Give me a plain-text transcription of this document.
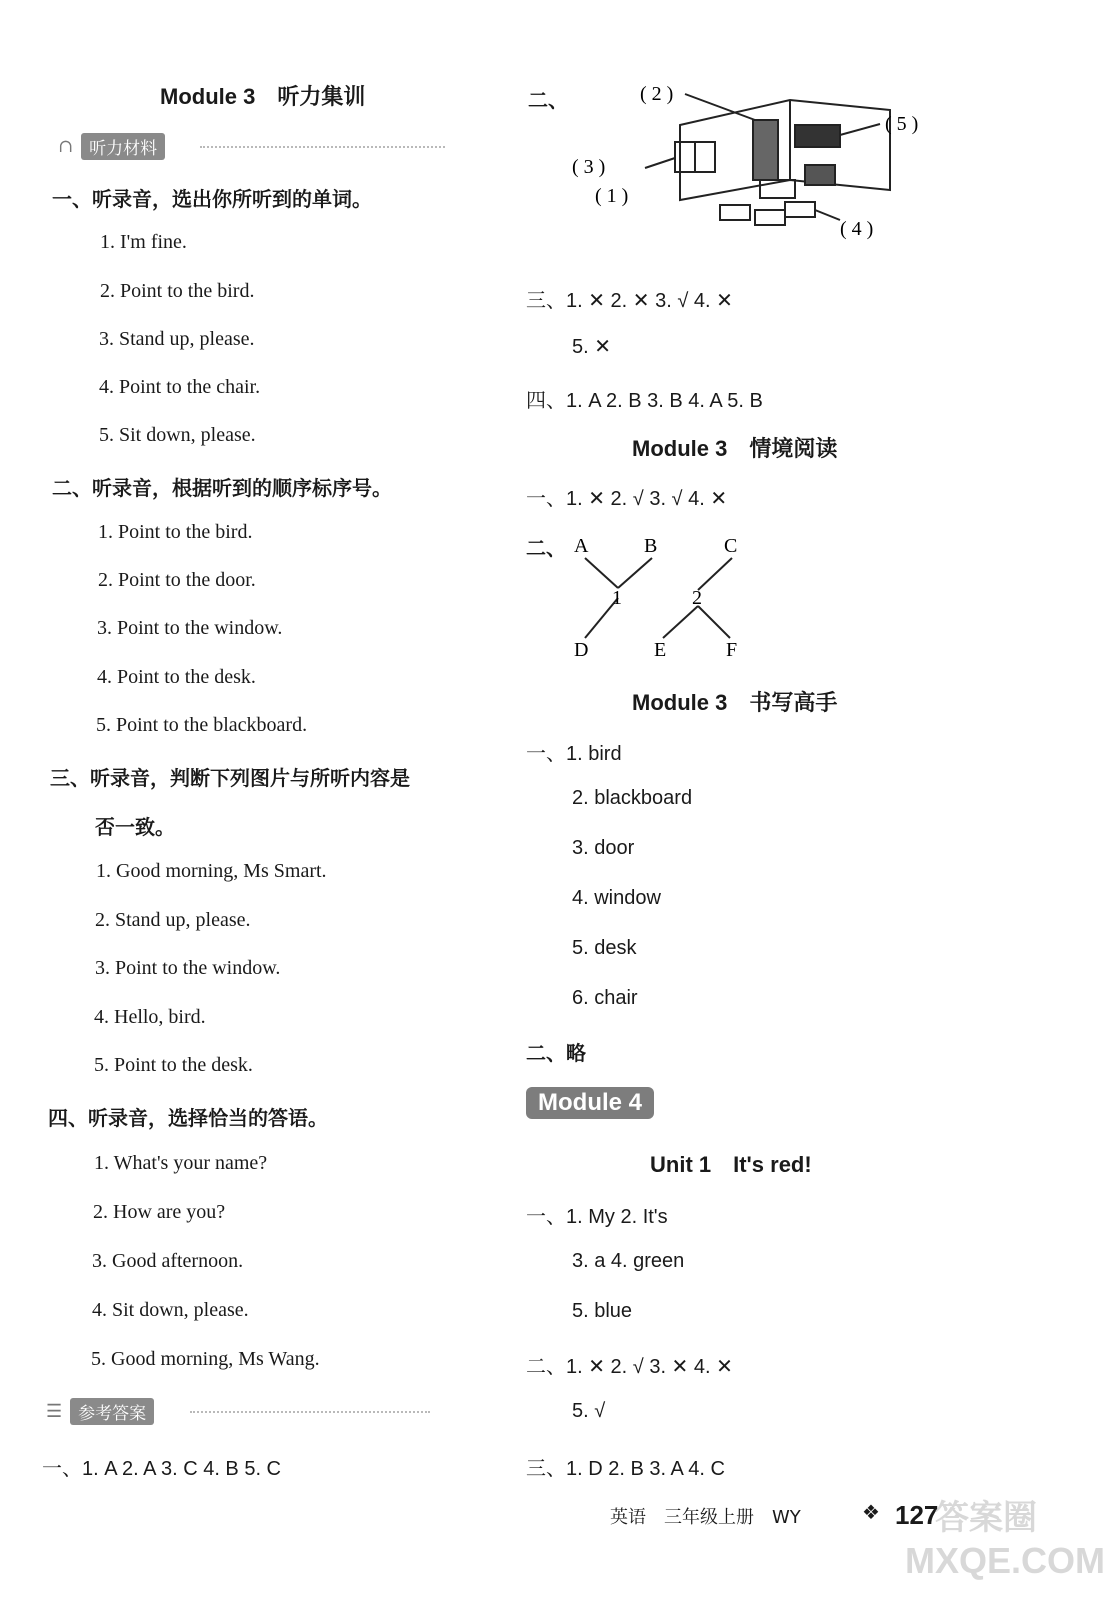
Module 3　听力集训
∩ 听力材料
一、听录音，选出你所听到的单词。
1. I'm fine.
2. Point to the bird.
3. Stand up, please.
4. Point to the chair.
5. Sit down, please.
二、听录音，根据听到的顺序标序号。
1. Point to the bird.
2. Point to the door.
3. Point to the window.
4. Point to the desk.
5. Point to the blackboard.
三、听录音，判断下列图片与所听内容是
否一致。
1. Good morning, Ms Smart.
2. Stand up, please.
3. Point to the window.
4. Hello, bird.
5. Point to the desk.
四、听录音，选择恰当的答语。
1. What's your name?
2. How are you?
3. Good afternoon.
4. Sit down, please.
5. Good morning, Ms Wang.
☰ 参考答案
一、1. A 2. A 3. C 4. B 5. C
二、	( 2 )
( 5 )
( 3 )
( 1 )
( 4 )
三、1. ✕ 2. ✕ 3. √ 4. ✕
5. ✕
四、1. A 2. B 3. B 4. A 5. B
Module 3　情境阅读
一、1. ✕ 2. √ 3. √ 4. ✕
二、 A	B	C
1	2
D	E	F
Module 3　书写高手
一、1. bird
2. blackboard
3. door
4. window
5. desk
6. chair
二、略
Module 4
Unit 1　It's red!
一、1. My 2. It's
3. a 4. green
5. blue
二、1. ✕ 2. √ 3. ✕ 4. ✕
5. √
三、1. D 2. B 3. A 4. C
英语　三年级上册　WY	❖ 127
答案圈
MXQE.COM
